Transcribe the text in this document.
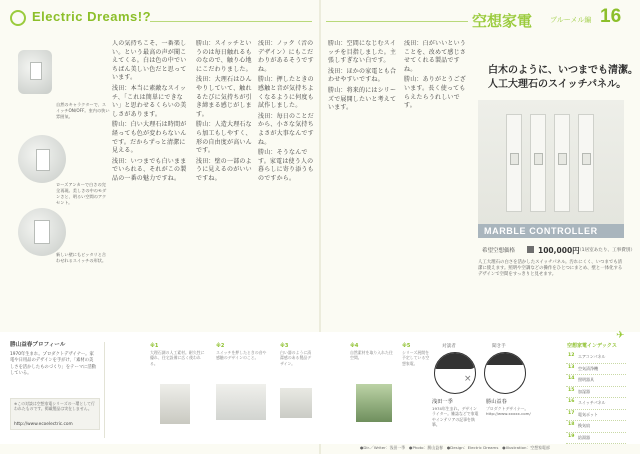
Electric Dreams!?	空想家電	ブルーメル編 16
自然のキャラクターで、スイッチON/OFF。室内の快い雰囲気。
ローズアンカーで白さの完全再現。美しさの中のモダンさと、明るい空間のアクセント。
新しい壁にもピッタリと合わせれるスイッチの形状。

人の気持ちこそ、一番楽しい。という最高の声が聞こえてくる。白は色の中でいちばん美しい色だと思っています。

浅田：本当に素敵なスイッチ、「これは簡単にできない」と思わせるくらいの美しさがあります。

勝山：白い大理石は時間が経っても色が変わらないんです。だからずっと清潔に見える。

浅田：いつまでも白いままでいられる、それがこの製品の一番の魅力ですね。

勝山：スイッチというのは毎日触れるものなので、触り心地にこだわりました。

浅田：大理石はひんやりしていて、触れるたびに気持ちが引き締まる感じがします。

勝山：人造大理石なら加工もしやすく、形の自由度が高いんです。

浅田：壁の一部のように見えるのがいいですね。

浅田：ノック（音のデザイン）にもこだわりがあるそうですね。

勝山：押したときの感触と音が気持ちよくなるように何度も試作しました。

浅田：毎日のことだから、小さな気持ちよさが大事なんですね。

勝山：そうなんです。家電は使う人の暮らしに寄り添うものですから。

勝山：空間になじむスイッチを目指しました。主張しすぎない白です。

浅田：ほかの家電とも合わせやすいですね。

勝山：将来的にはシリーズで展開したいと考えています。

浅田：白がいいということを、改めて感じさせてくれる製品ですね。

勝山：ありがとうございます。長く使ってもらえたらうれしいです。

白木のように、いつまでも清潔。
人工大理石のスイッチパネル。
MARBLE CONTROLLER
希望空想価格	100,000円
（1居室あたり、工事費別）
人工大理石の白さを活かしたスイッチパネル。汚れにくく、いつまでも清潔に使えます。照明や空調などの操作をひとつにまとめ、壁と一体化するデザインで空間をすっきりと見せます。
勝山益春プロフィール
1970年生まれ。プロダクトデザイナー。家電や日用品のデザインを手がけ、「素材の美しさを活かしたものづくり」をテーマに活動している。
※この対談は空想家電シリーズの一環として行われたものです。掲載製品は実在しません。
http://www.ecoelectric.com
※1
大理石調の人工素材。耐久性に優れ、住宅設備に広く使われる。
※2
スイッチを押したときの音や感触のデザインのこと。
※3
白い器のように清潔感のある製品デザイン。
※4
自然素材を取り入れた住空間。
※5
シリーズ展開を予定している空想家電。
対談者	聞き手
×
浅田一季
1974年生まれ。デザインライター。雑誌などで家電やインテリアの記事を執筆。
勝山益春
プロダクトデザイナー。http://www.xxxxx.com/
空想家電インデックス
✈
12 エアコンパネル
13 空気清浄機
14 照明器具
15 加湿器
16 スイッチパネル
17 電気ポット
18 換気扇
19 給湯器
●Dir.／Writer：浅田一季　●Photo：勝山益春　●Design：Electric Dreams　●Illustration：空想家電部
